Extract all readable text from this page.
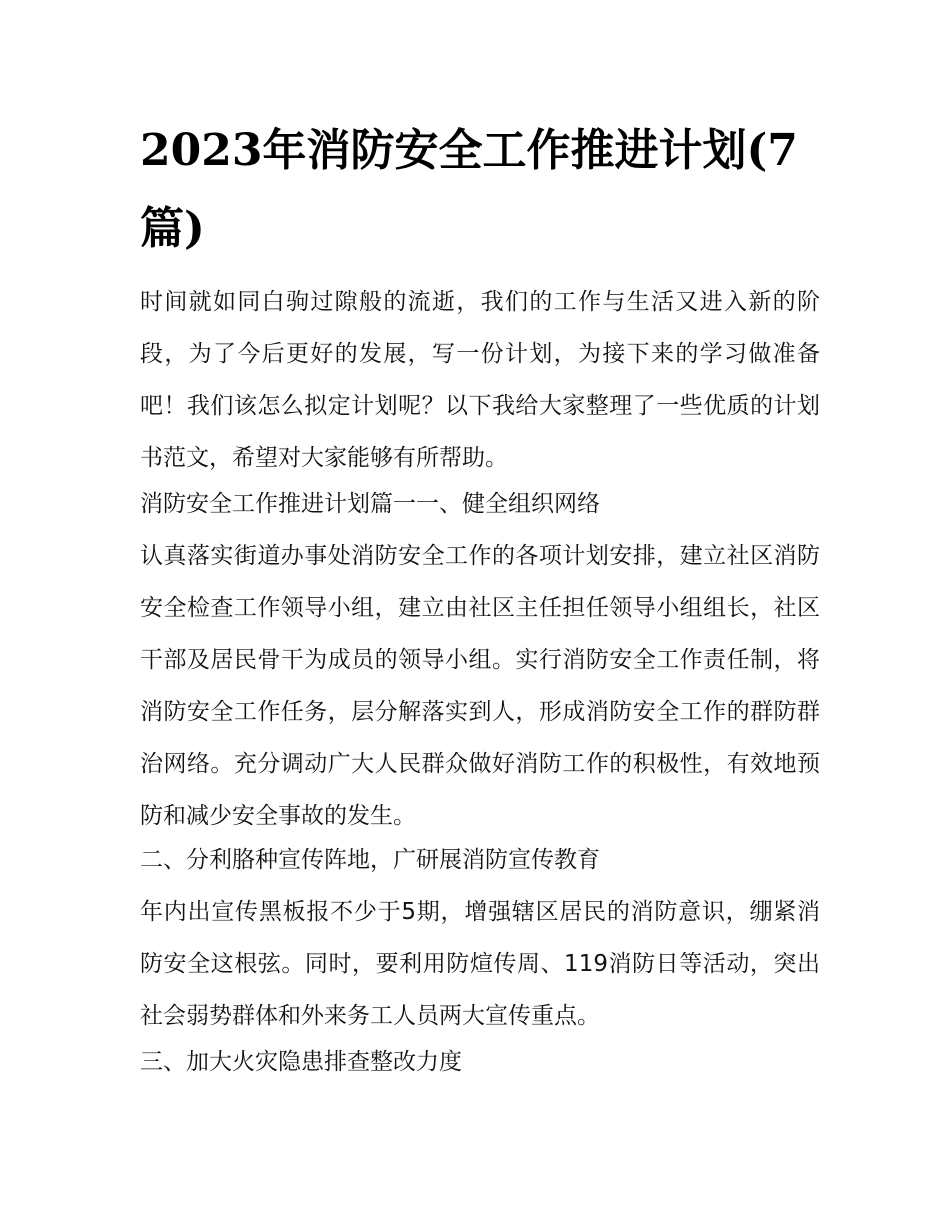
2023年消防安全工作推进计划(7篇)

时间就如同白驹过隙般的流逝，我们的工作与生活又进入新的阶段，为了今后更好的发展，写一份计划，为接下来的学习做准备吧！我们该怎么拟定计划呢？以下我给大家整理了一些优质的计划书范文，希望对大家能够有所帮助。

消防安全工作推进计划篇一一、健全组织网络

认真落实街道办事处消防安全工作的各项计划安排，建立社区消防安全检查工作领导小组，建立由社区主任担任领导小组组长，社区干部及居民骨干为成员的领导小组。实行消防安全工作责任制，将消防安全工作任务，层分解落实到人，形成消防安全工作的群防群治网络。充分调动广大人民群众做好消防工作的积极性，有效地预防和减少安全事故的发生。

二、分利胳种宣传阵地，广研展消防宣传教育

年内出宣传黑板报不少于5期，增强辖区居民的消防意识，绷紧消防安全这根弦。同时，要利用防煊传周、119消防日等活动，突出社会弱势群体和外来务工人员两大宣传重点。

三、加大火灾隐患排查整改力度
